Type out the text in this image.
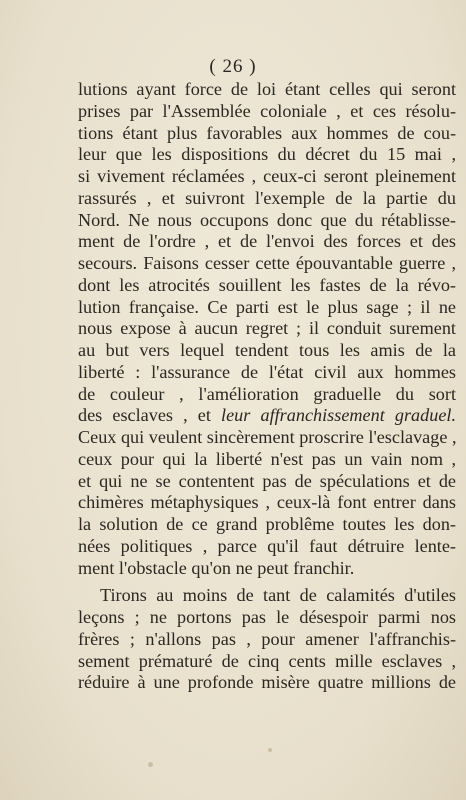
( 26 )
lutions ayant force de loi étant celles qui seront
prises par l'Assemblée coloniale , et ces résolu-
tions étant plus favorables aux hommes de cou-
leur que les dispositions du décret du 15 mai ,
si vivement réclamées , ceux-ci seront pleinement
rassurés , et suivront l'exemple de la partie du
Nord. Ne nous occupons donc que du rétablisse-
ment de l'ordre , et de l'envoi des forces et des
secours. Faisons cesser cette épouvantable guerre ,
dont les atrocités souillent les fastes de la révo-
lution française. Ce parti est le plus sage ; il ne
nous expose à aucun regret ; il conduit surement
au but vers lequel tendent tous les amis de la
liberté : l'assurance de l'état civil aux hommes
de couleur , l'amélioration graduelle du sort
des esclaves , et leur affranchissement graduel.
Ceux qui veulent sincèrement proscrire l'esclavage ,
ceux pour qui la liberté n'est pas un vain nom ,
et qui ne se contentent pas de spéculations et de
chimères métaphysiques , ceux-là font entrer dans
la solution de ce grand problême toutes les don-
nées politiques , parce qu'il faut détruire lente-
ment l'obstacle qu'on ne peut franchir.
Tirons au moins de tant de calamités d'utiles
leçons ; ne portons pas le désespoir parmi nos
frères ; n'allons pas , pour amener l'affranchis-
sement prématuré de cinq cents mille esclaves ,
réduire à une profonde misère quatre millions de
